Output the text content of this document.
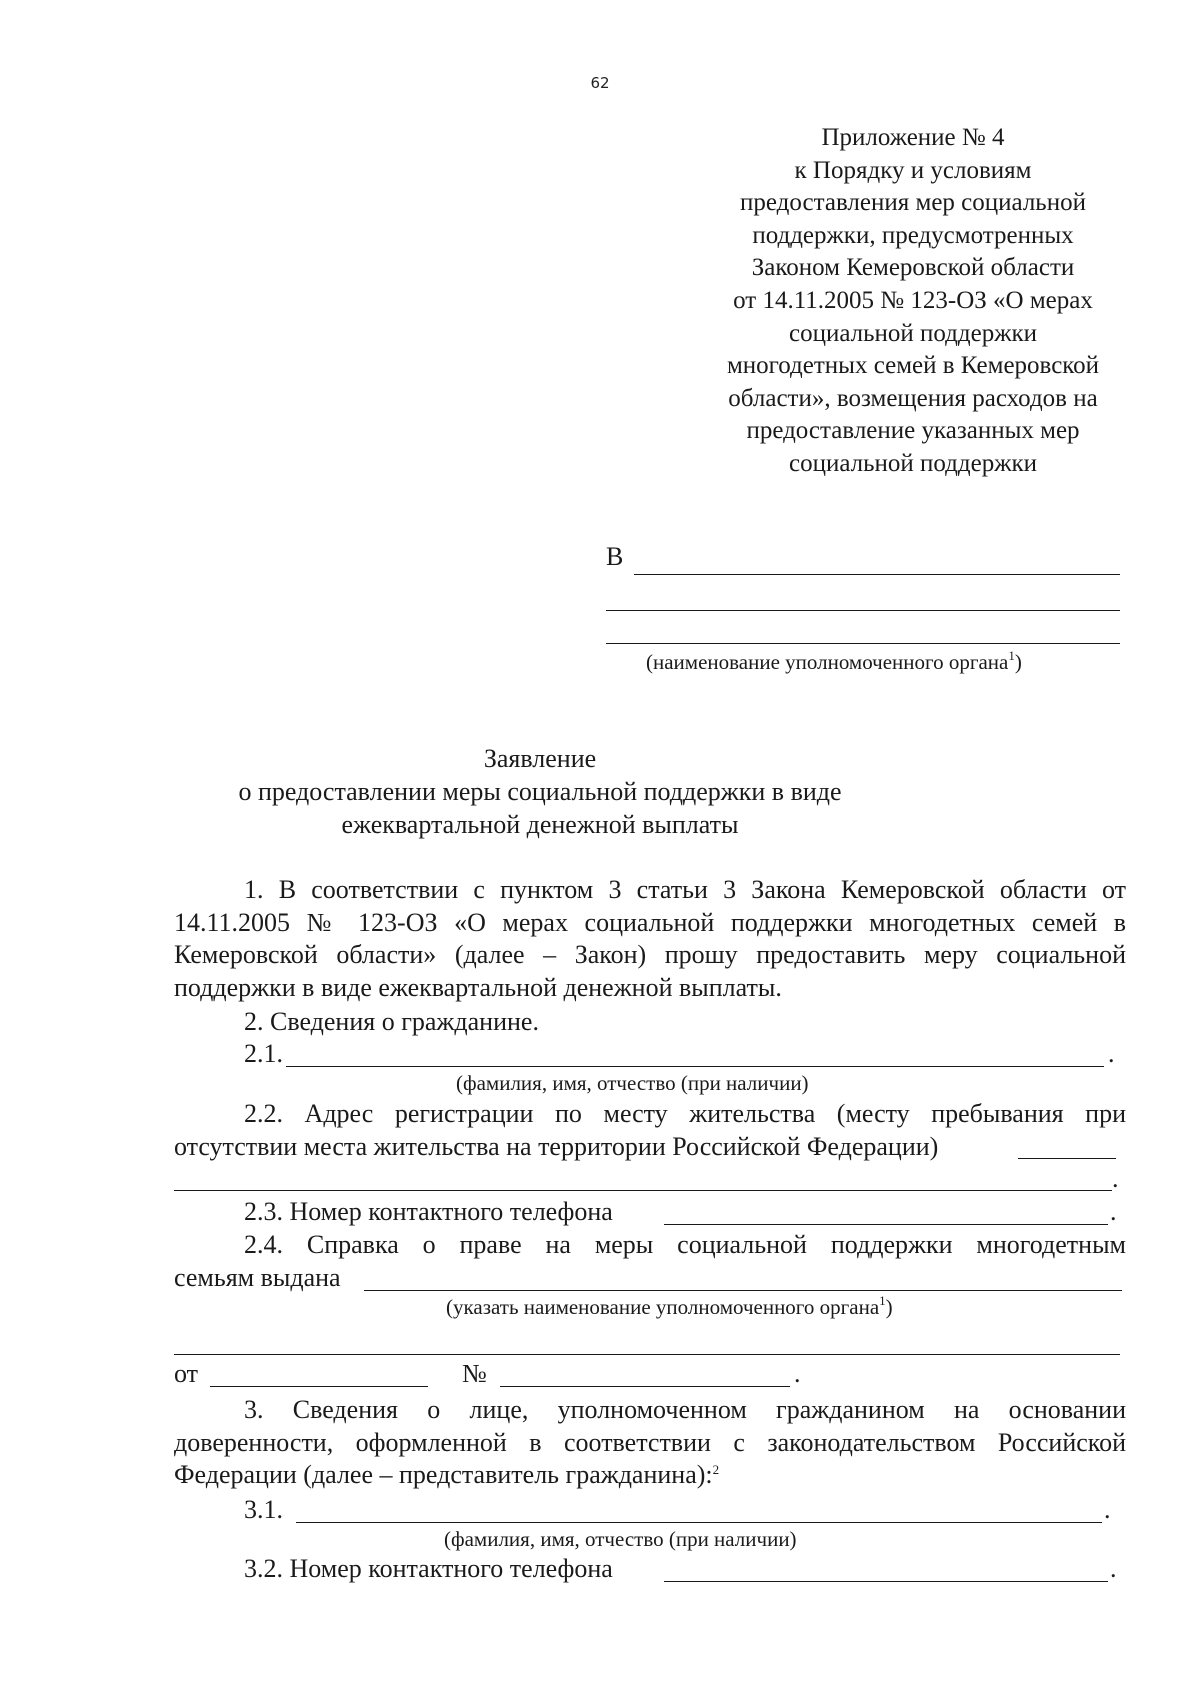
62
Приложение № 4
к Порядку и условиям
предоставления мер социальной
поддержки, предусмотренных
Законом Кемеровской области
от 14.11.2005 № 123-ОЗ «О мерах
социальной поддержки
многодетных семей в Кемеровской
области», возмещения расходов на
предоставление указанных мер
социальной поддержки
В
(наименование уполномоченного органа$^1$)
Заявление
о предоставлении меры социальной поддержки в виде
ежеквартальной денежной выплаты

1. В соответствии с пунктом 3 статьи 3 Закона Кемеровской области от 14.11.2005 № 123-ОЗ «О мерах социальной поддержки многодетных семей в Кемеровской области» (далее – Закон) прошу предоставить меру социальной поддержки в виде ежеквартальной денежной выплаты.

2. Сведения о гражданине.
2.1.	.
(фамилия, имя, отчество (при наличии)

2.2. Адрес регистрации по месту жительства (месту пребывания при отсутствии места жительства на территории Российской Федерации)

.
2.3. Номер контактного телефона	.
2.4. Справка о праве на меры социальной поддержки многодетным
семьям выдана
(указать наименование уполномоченного органа$^1$)
от	№	.

3. Сведения о лице, уполномоченном гражданином на основании доверенности, оформленной в соответствии с законодательством Российской Федерации (далее – представитель гражданина):$^2$

3.1.	.
(фамилия, имя, отчество (при наличии)
3.2. Номер контактного телефона	.
